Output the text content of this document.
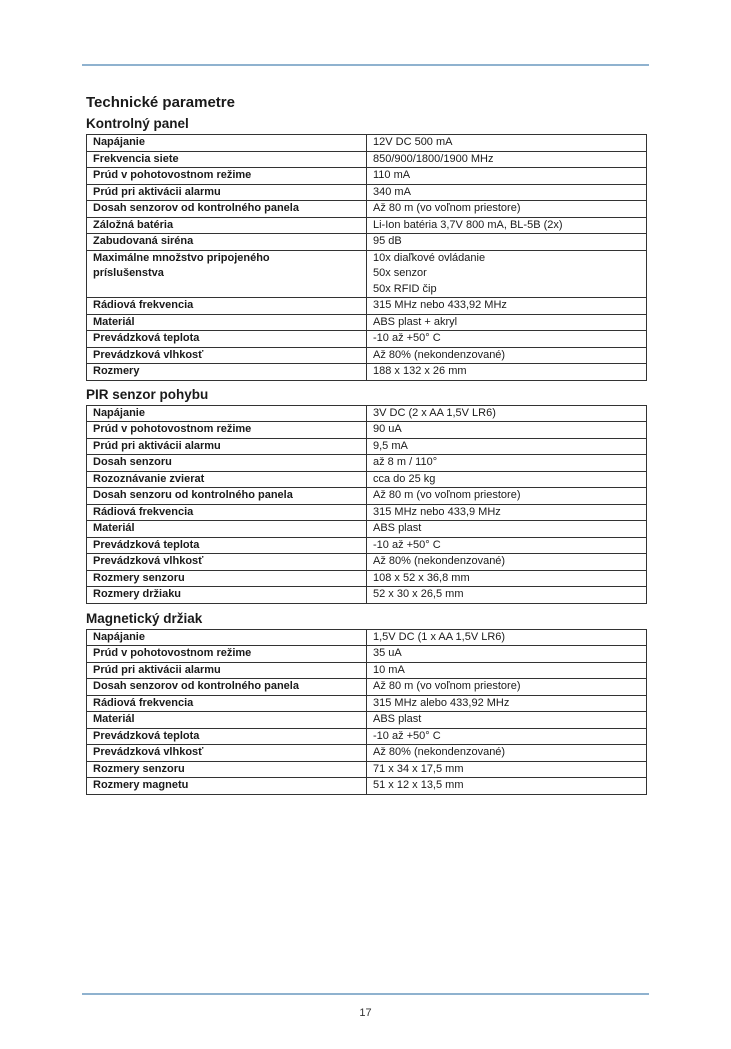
Technické parametre
Kontrolný panel
Napájanie	12V DC 500 mA
Frekvencia siete	850/900/1800/1900 MHz
Prúd v pohotovostnom režime	110 mA
Prúd pri aktivácii alarmu	340 mA
Dosah senzorov od kontrolného panela	Až 80 m (vo voľnom priestore)
Záložná batéria	Li-Ion batéria 3,7V 800 mA, BL-5B (2x)
Zabudovaná siréna	95 dB

Maximálne množstvo pripojeného
príslušenstva	10x diaľkové ovládanie
50x senzor
50x RFID čip

Rádiová frekvencia	315 MHz nebo 433,92 MHz
Materiál	ABS plast + akryl
Prevádzková teplota	-10 až +50° C
Prevádzková vlhkosť	Až 80% (nekondenzované)
Rozmery	188 x 132 x 26 mm
PIR senzor pohybu
Napájanie	3V DC (2 x AA 1,5V LR6)
Prúd v pohotovostnom režime	90 uA
Prúd pri aktivácii alarmu	9,5 mA
Dosah senzoru	až 8 m / 110°
Rozoznávanie zvierat	cca do 25 kg
Dosah senzoru od kontrolného panela	Až 80 m (vo voľnom priestore)
Rádiová frekvencia	315 MHz nebo 433,9 MHz
Materiál	ABS plast
Prevádzková teplota	-10 až +50° C
Prevádzková vlhkosť	Až 80% (nekondenzované)
Rozmery senzoru	108 x 52 x 36,8 mm
Rozmery držiaku	52 x 30 x 26,5 mm
Magnetický držiak
Napájanie	1,5V DC (1 x AA 1,5V LR6)
Prúd v pohotovostnom režime	35 uA
Prúd pri aktivácii alarmu	10 mA
Dosah senzorov od kontrolného panela	Až 80 m (vo voľnom priestore)
Rádiová frekvencia	315 MHz alebo 433,92 MHz
Materiál	ABS plast
Prevádzková teplota	-10 až +50° C
Prevádzková vlhkosť	Až 80% (nekondenzované)
Rozmery senzoru	71 x 34 x 17,5 mm
Rozmery magnetu	51 x 12 x 13,5 mm
17
